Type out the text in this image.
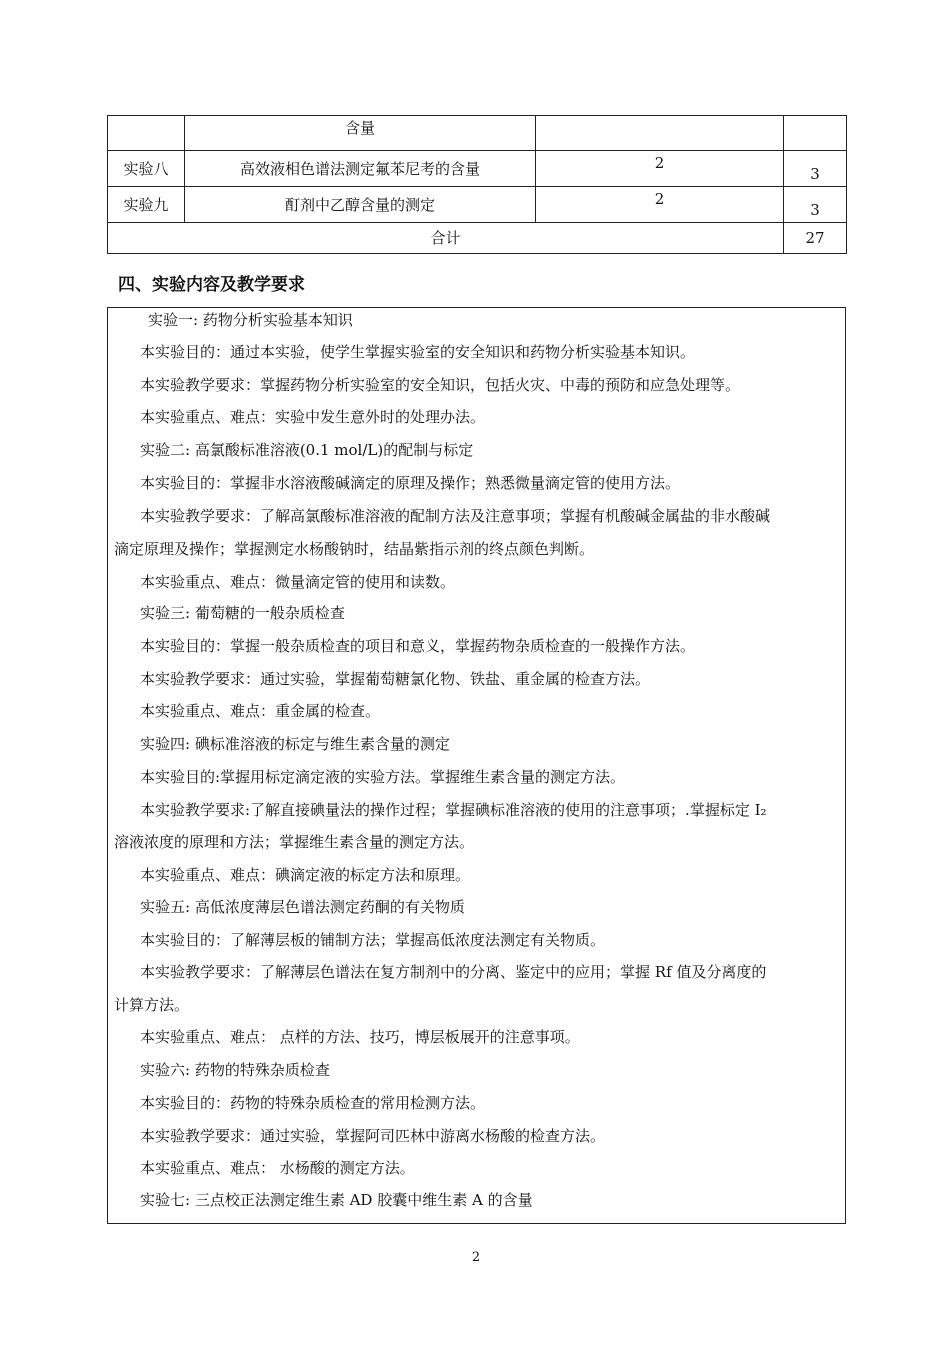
	含量		
实验八	高效液相色谱法测定氟苯尼考的含量	2	3
实验九	酊剂中乙醇含量的测定	2	3
合计			27
四、实验内容及教学要求
实验一: 药物分析实验基本知识
本实验目的：通过本实验，使学生掌握实验室的安全知识和药物分析实验基本知识。
本实验教学要求：掌握药物分析实验室的安全知识，包括火灾、中毒的预防和应急处理等。
本实验重点、难点：实验中发生意外时的处理办法。
实验二: 高氯酸标准溶液(0.1 mol/L)的配制与标定
本实验目的：掌握非水溶液酸碱滴定的原理及操作；熟悉微量滴定管的使用方法。
本实验教学要求：了解高氯酸标准溶液的配制方法及注意事项；掌握有机酸碱金属盐的非水酸碱
滴定原理及操作；掌握测定水杨酸钠时，结晶紫指示剂的终点颜色判断。
本实验重点、难点：微量滴定管的使用和读数。
实验三: 葡萄糖的一般杂质检查
本实验目的：掌握一般杂质检查的项目和意义，掌握药物杂质检查的一般操作方法。
本实验教学要求：通过实验，掌握葡萄糖氯化物、铁盐、重金属的检查方法。
本实验重点、难点：重金属的检查。
实验四: 碘标准溶液的标定与维生素含量的测定
本实验目的:掌握用标定滴定液的实验方法。掌握维生素含量的测定方法。
本实验教学要求:了解直接碘量法的操作过程；掌握碘标准溶液的使用的注意事项；.掌握标定 I₂
溶液浓度的原理和方法；掌握维生素含量的测定方法。
本实验重点、难点：碘滴定液的标定方法和原理。
实验五: 高低浓度薄层色谱法测定药酮的有关物质
本实验目的：了解薄层板的铺制方法；掌握高低浓度法测定有关物质。
本实验教学要求：了解薄层色谱法在复方制剂中的分离、鉴定中的应用；掌握 Rf 值及分离度的
计算方法。
本实验重点、难点： 点样的方法、技巧，博层板展开的注意事项。
实验六: 药物的特殊杂质检查
本实验目的：药物的特殊杂质检查的常用检测方法。
本实验教学要求：通过实验，掌握阿司匹林中游离水杨酸的检查方法。
本实验重点、难点： 水杨酸的测定方法。
实验七: 三点校正法测定维生素 AD 胶囊中维生素 A 的含量
2
